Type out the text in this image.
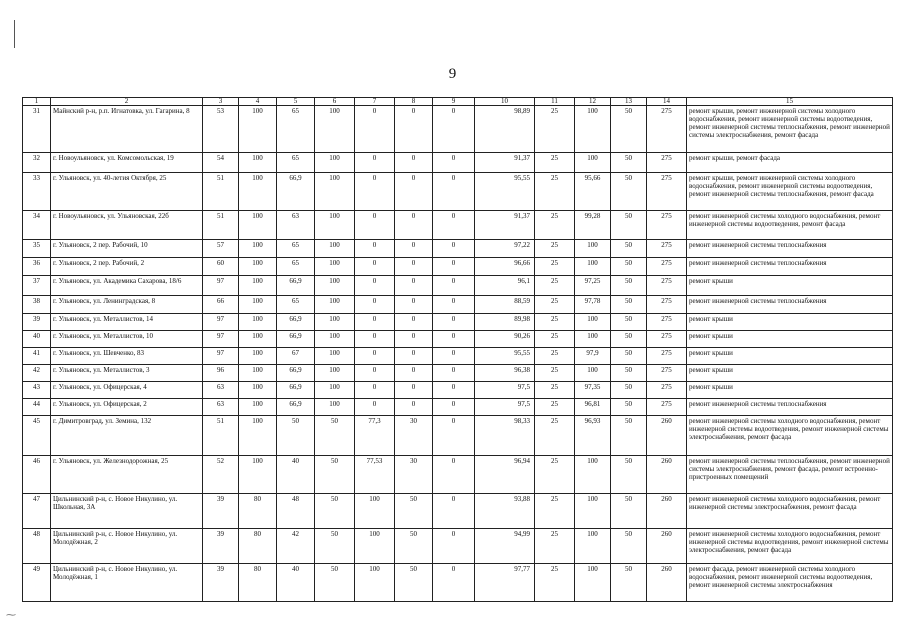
9
1	2	3	4	5	6	7	8	9	10	11	12	13	14	15
31	Майнский р-н, р.п. Игнатовка, ул. Гагарина, 8	53	100	65	100	0	0	0	98,89	25	100	50	275	ремонт крыши, ремонт инженерной системы холодного водоснабжения, ремонт инженерной системы водоотведения, ремонт инженерной системы теплоснабжения, ремонт инженерной системы электроснабжения, ремонт фасада
32	г. Новоульяновск, ул. Комсомольская, 19	54	100	65	100	0	0	0	91,37	25	100	50	275	ремонт крыши, ремонт фасада
33	г. Ульяновск, ул. 40-летия Октября, 25	51	100	66,9	100	0	0	0	95,55	25	95,66	50	275	ремонт крыши, ремонт инженерной системы холодного водоснабжения, ремонт инженерной системы водоотведения, ремонт инженерной системы теплоснабжения, ремонт фасада
34	г. Новоульяновск, ул. Ульяновская, 22б	51	100	63	100	0	0	0	91,37	25	99,28	50	275	ремонт инженерной системы холодного водоснабжения, ремонт инженерной системы водоотведения, ремонт фасада
35	г. Ульяновск, 2 пер. Рабочий, 10	57	100	65	100	0	0	0	97,22	25	100	50	275	ремонт инженерной системы теплоснабжения
36	г. Ульяновск, 2 пер. Рабочий, 2	60	100	65	100	0	0	0	96,66	25	100	50	275	ремонт инженерной системы теплоснабжения
37	г. Ульяновск, ул. Академика Сахарова, 18/6	97	100	66,9	100	0	0	0	96,1	25	97,25	50	275	ремонт крыши
38	г. Ульяновск, ул. Ленинградская, 8	66	100	65	100	0	0	0	88,59	25	97,78	50	275	ремонт инженерной системы теплоснабжения
39	г. Ульяновск, ул. Металлистов, 14	97	100	66,9	100	0	0	0	89,98	25	100	50	275	ремонт крыши
40	г. Ульяновск, ул. Металлистов, 10	97	100	66,9	100	0	0	0	90,26	25	100	50	275	ремонт крыши
41	г. Ульяновск, ул. Шевченко, 83	97	100	67	100	0	0	0	95,55	25	97,9	50	275	ремонт крыши
42	г. Ульяновск, ул. Металлистов, 3	96	100	66,9	100	0	0	0	96,38	25	100	50	275	ремонт крыши
43	г. Ульяновск, ул. Офицерская, 4	63	100	66,9	100	0	0	0	97,5	25	97,35	50	275	ремонт крыши
44	г. Ульяновск, ул. Офицерская, 2	63	100	66,9	100	0	0	0	97,5	25	96,81	50	275	ремонт инженерной системы теплоснабжения
45	г. Димитровград, ул. Земина, 132	51	100	50	50	77,3	30	0	98,33	25	96,93	50	260	ремонт инженерной системы холодного водоснабжения, ремонт инженерной системы водоотведения, ремонт инженерной системы электроснабжения, ремонт фасада
46	г. Ульяновск, ул. Железнодорожная, 25	52	100	40	50	77,53	30	0	96,94	25	100	50	260	ремонт инженерной системы теплоснабжения, ремонт инженерной системы электроснабжения, ремонт фасада, ремонт встроенно-пристроенных помещений
47	Цильнинский р-н, с. Новое Никулино, ул. Школьная, 3А	39	80	48	50	100	50	0	93,88	25	100	50	260	ремонт инженерной системы холодного водоснабжения, ремонт инженерной системы электроснабжения, ремонт фасада
48	Цильнинский р-н, с. Новое Никулино, ул. Молодёжная, 2	39	80	42	50	100	50	0	94,99	25	100	50	260	ремонт инженерной системы холодного водоснабжения, ремонт инженерной системы водоотведения, ремонт инженерной системы электроснабжения, ремонт фасада
49	Цильнинский р-н, с. Новое Никулино, ул. Молодёжная, 1	39	80	40	50	100	50	0	97,77	25	100	50	260	ремонт фасада, ремонт инженерной системы холодного водоснабжения, ремонт инженерной системы водоотведения, ремонт инженерной системы электроснабжения
⁓
